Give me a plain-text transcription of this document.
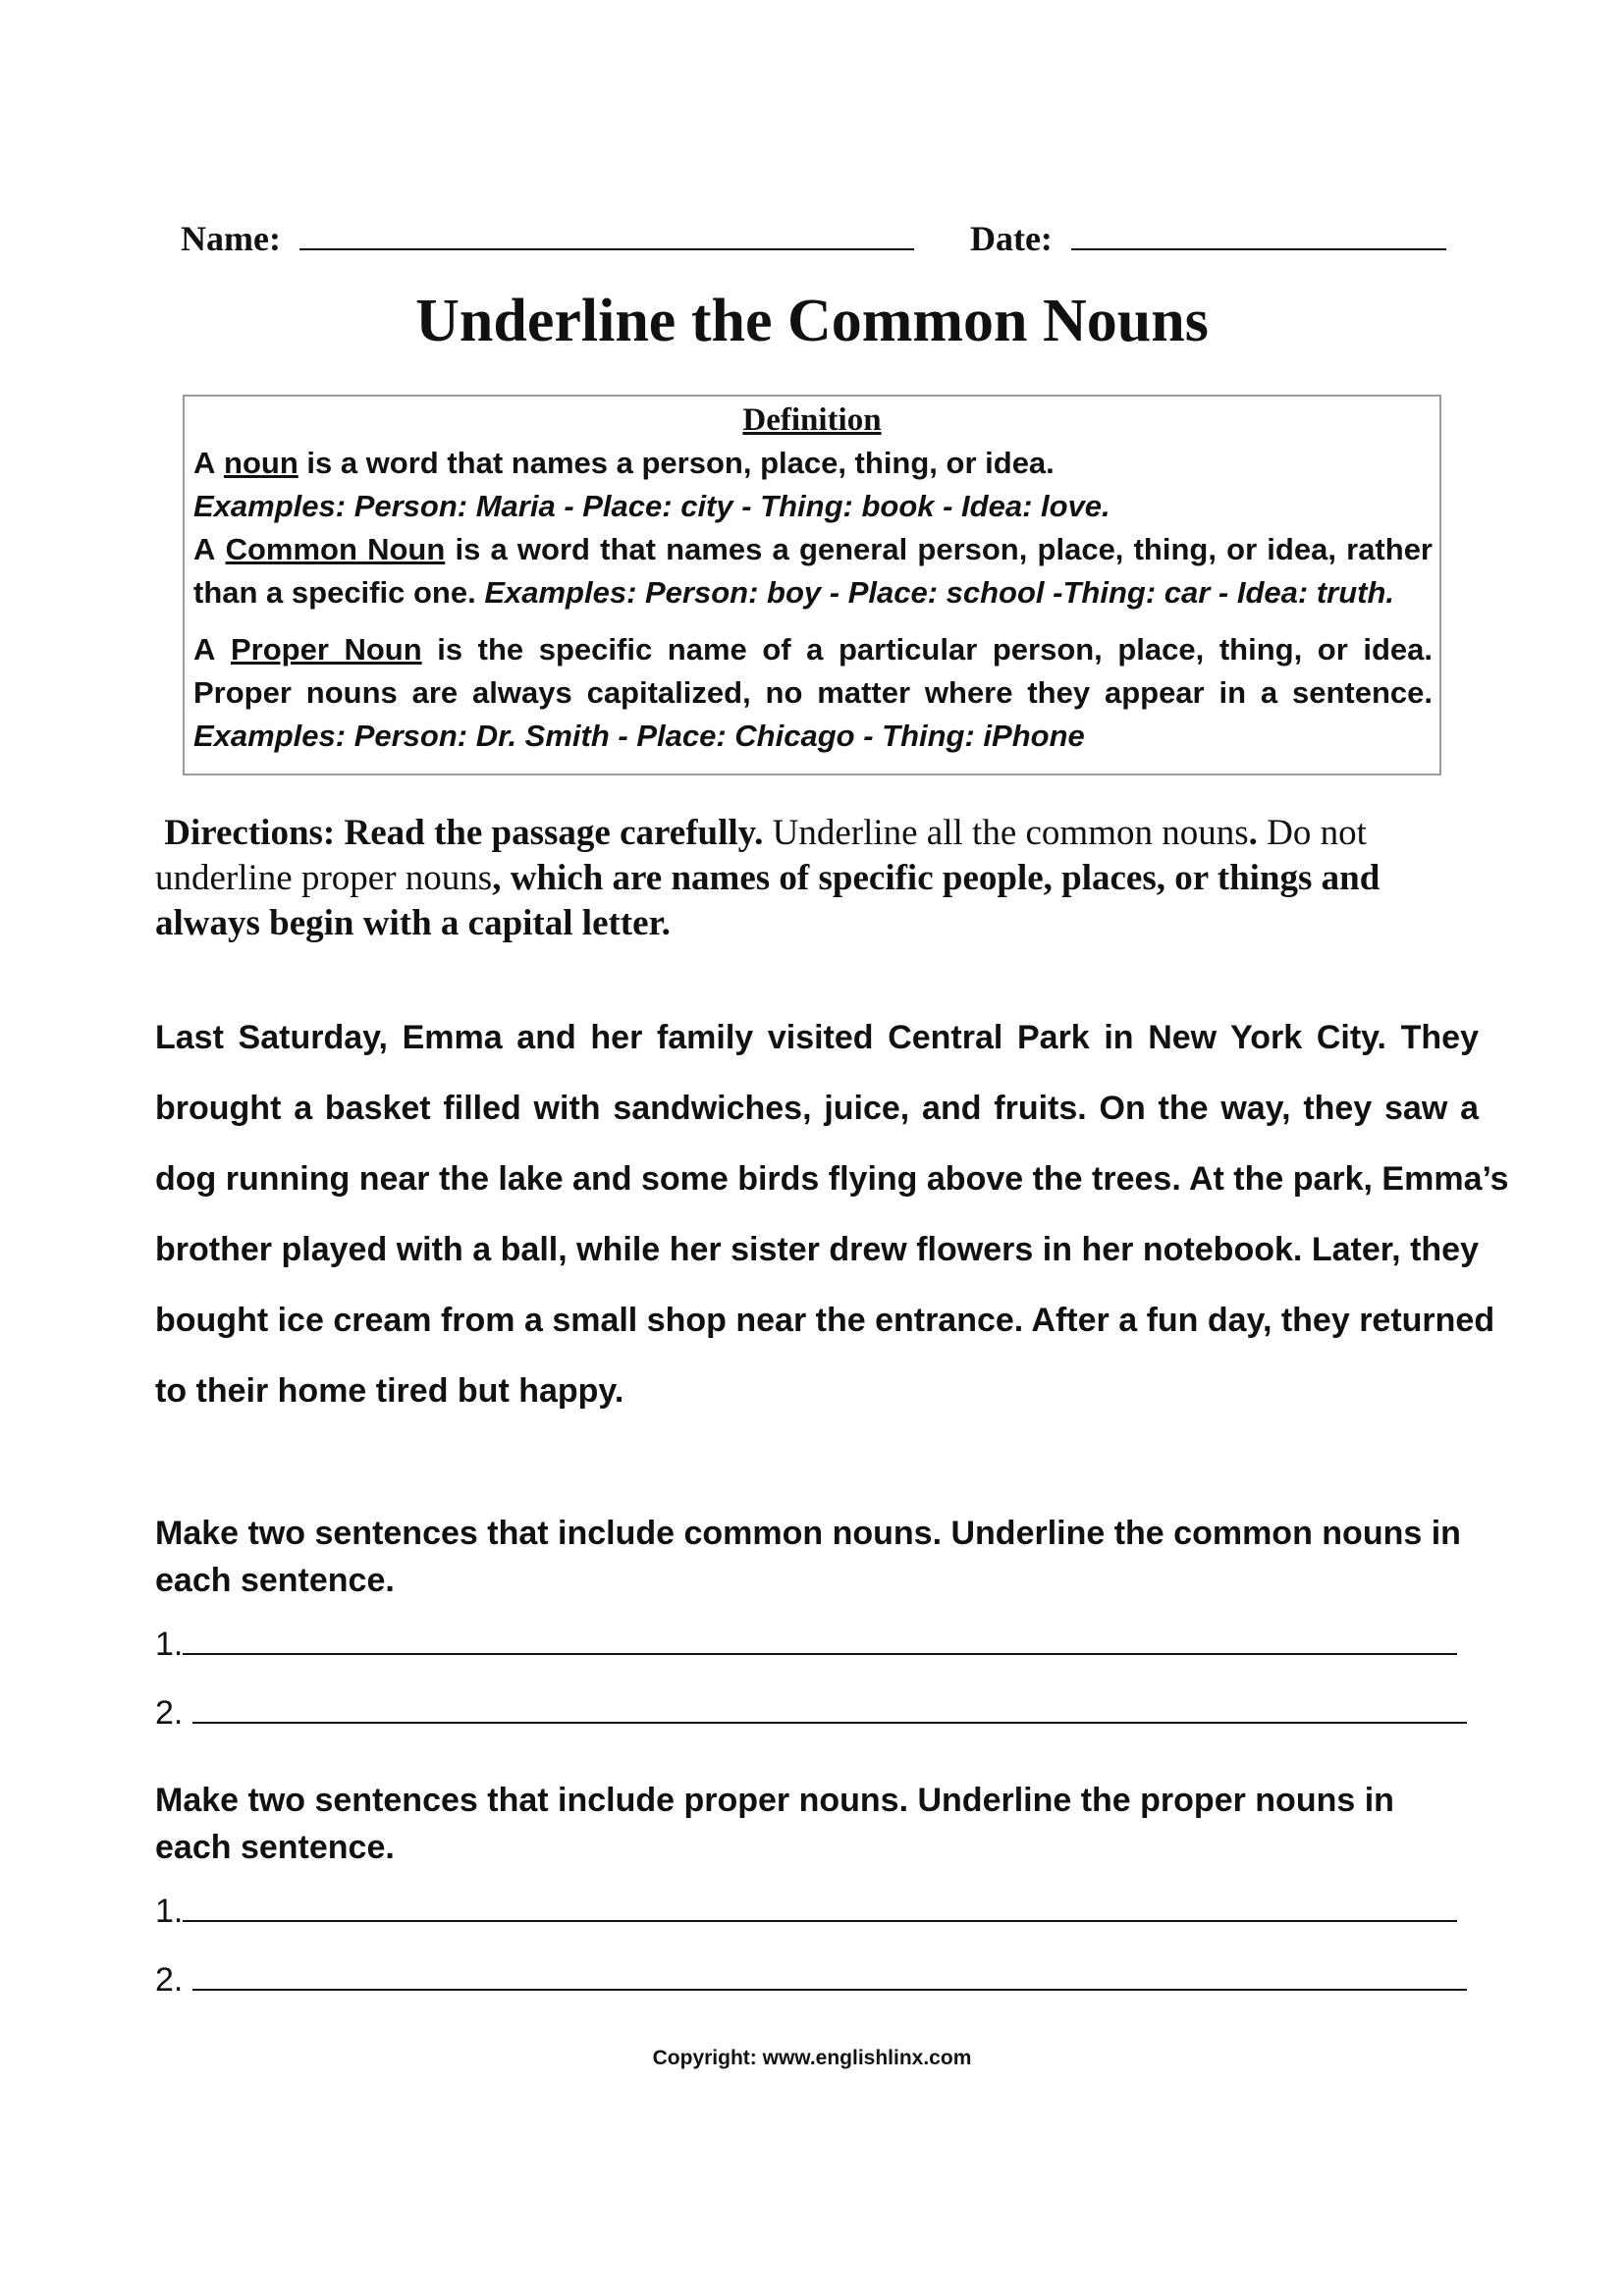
Name:	Date:
Underline the Common Nouns
Definition
A noun is a word that names a person, place, thing, or idea.
Examples: Person: Maria - Place: city - Thing: book - Idea: love.
A Common Noun is a word that names a general person, place, thing, or idea, rather
than a specific one. Examples: Person: boy - Place: school -Thing: car - Idea: truth.
A Proper Noun is the specific name of a particular person, place, thing, or idea.
Proper nouns are always capitalized, no matter where they appear in a sentence.
Examples: Person: Dr. Smith - Place: Chicago - Thing: iPhone
Directions: Read the passage carefully. Underline all the common nouns. Do not underline proper nouns, which are names of specific people, places, or things and always begin with a capital letter.
Last Saturday, Emma and her family visited Central Park in New York City. They
brought a basket filled with sandwiches, juice, and fruits. On the way, they saw a
dog running near the lake and some birds flying above the trees. At the park, Emma’s
brother played with a ball, while her sister drew flowers in her notebook. Later, they
bought ice cream from a small shop near the entrance. After a fun day, they returned
to their home tired but happy.
Make two sentences that include common nouns. Underline the common nouns in each sentence.
1.
2.
Make two sentences that include proper nouns. Underline the proper nouns in each sentence.
1.
2.
Copyright: www.englishlinx.com
